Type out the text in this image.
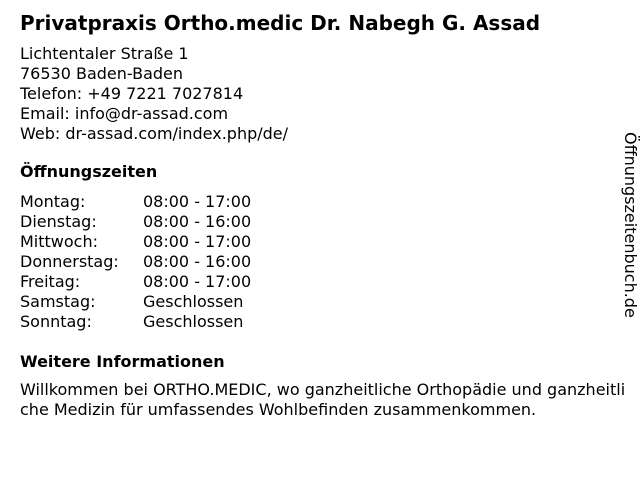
Privatpraxis Ortho.medic Dr. Nabegh G. Assad
Lichtentaler Straße 1
76530 Baden-Baden
Telefon: +49 7221 7027814
Email: info@dr-assad.com
Web: dr-assad.com/index.php/de/
Öffnungszeiten
Montag:	08:00 - 17:00
Dienstag:	08:00 - 16:00
Mittwoch:	08:00 - 17:00
Donnerstag:	08:00 - 16:00
Freitag:	08:00 - 17:00
Samstag:	Geschlossen
Sonntag:	Geschlossen
Weitere Informationen

Willkommen bei ORTHO.MEDIC, wo ganzheitliche Orthopädie und ganzheitliche Medizin für umfassendes Wohlbefinden zusammenkommen.

Öffnungszeitenbuch.de
